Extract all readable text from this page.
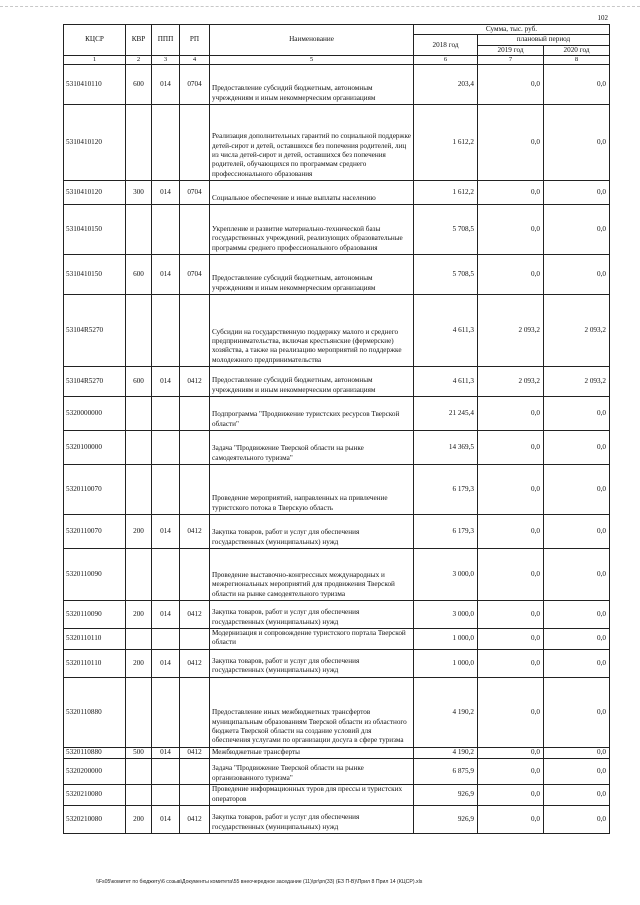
102
КЦСР	КВР	ППП	РП	Наименование	Сумма, тыс. руб.		
					2018 год	плановый период	
						2019 год	2020 год
1	2	3	4	5	6	7	8
5310410110	600	014	0704	Предоставление субсидий бюджетным, автономным учреждениям и иным некоммерческим организациям	203,4	0,0	0,0
5310410120				Реализация дополнительных гарантий по социальной поддержке детей-сирот и детей, оставшихся без попечения родителей, лиц из числа детей-сирот и детей, оставшихся без попечения родителей, обучающихся по программам среднего профессионального образования	1 612,2	0,0	0,0
5310410120	300	014	0704	Социальное обеспечение и иные выплаты населению	1 612,2	0,0	0,0
5310410150				Укрепление и развитие материально-технической базы государственных учреждений, реализующих образовательные программы среднего профессионального образования	5 708,5	0,0	0,0
5310410150	600	014	0704	Предоставление субсидий бюджетным, автономным учреждениям и иным некоммерческим организациям	5 708,5	0,0	0,0
53104R5270				Субсидии на государственную поддержку малого и среднего предпринимательства, включая крестьянские (фермерские) хозяйства, а также на реализацию мероприятий по поддержке молодежного предпринимательства	4 611,3	2 093,2	2 093,2
53104R5270	600	014	0412	Предоставление субсидий бюджетным, автономным учреждениям и иным некоммерческим организациям	4 611,3	2 093,2	2 093,2
5320000000				Подпрограмма "Продвижение туристских ресурсов Тверской области"	21 245,4	0,0	0,0
5320100000				Задача "Продвижение Тверской области на рынке самодеятельного туризма"	14 369,5	0,0	0,0
5320110070				Проведение мероприятий, направленных на привлечение туристского потока в Тверскую область	6 179,3	0,0	0,0
5320110070	200	014	0412	Закупка товаров, работ и услуг для обеспечения государственных (муниципальных) нужд	6 179,3	0,0	0,0
5320110090				Проведение выставочно-конгрессных международных и межрегиональных мероприятий для продвижения Тверской области на рынке самодеятельного туризма	3 000,0	0,0	0,0
5320110090	200	014	0412	Закупка товаров, работ и услуг для обеспечения государственных (муниципальных) нужд	3 000,0	0,0	0,0
5320110110				Модернизация и сопровождение туристского портала Тверской области	1 000,0	0,0	0,0
5320110110	200	014	0412	Закупка товаров, работ и услуг для обеспечения государственных (муниципальных) нужд	1 000,0	0,0	0,0
5320110880				Предоставление иных межбюджетных трансфертов муниципальным образованиям Тверской области из областного бюджета Тверской области на создание условий для обеспечения услугами по организации досуга в сфере туризма	4 190,2	0,0	0,0
5320110880	500	014	0412	Межбюджетные трансферты	4 190,2	0,0	0,0
5320200000				Задача "Продвижение Тверской области на рынке организованного туризма"	6 875,9	0,0	0,0
5320210080				Проведение информационных туров для прессы и туристских операторов	926,9	0,0	0,0
5320210080	200	014	0412	Закупка товаров, работ и услуг для обеспечения государственных (муниципальных) нужд	926,9	0,0	0,0
\\Fs05\комитет по бюджету\6 созыв\Документы комитета\55 внеочередное заседание (11)\pr\pn(33) (ЕЗ П-В)\Прил 8 Прил 14 (КЦСР).xls
